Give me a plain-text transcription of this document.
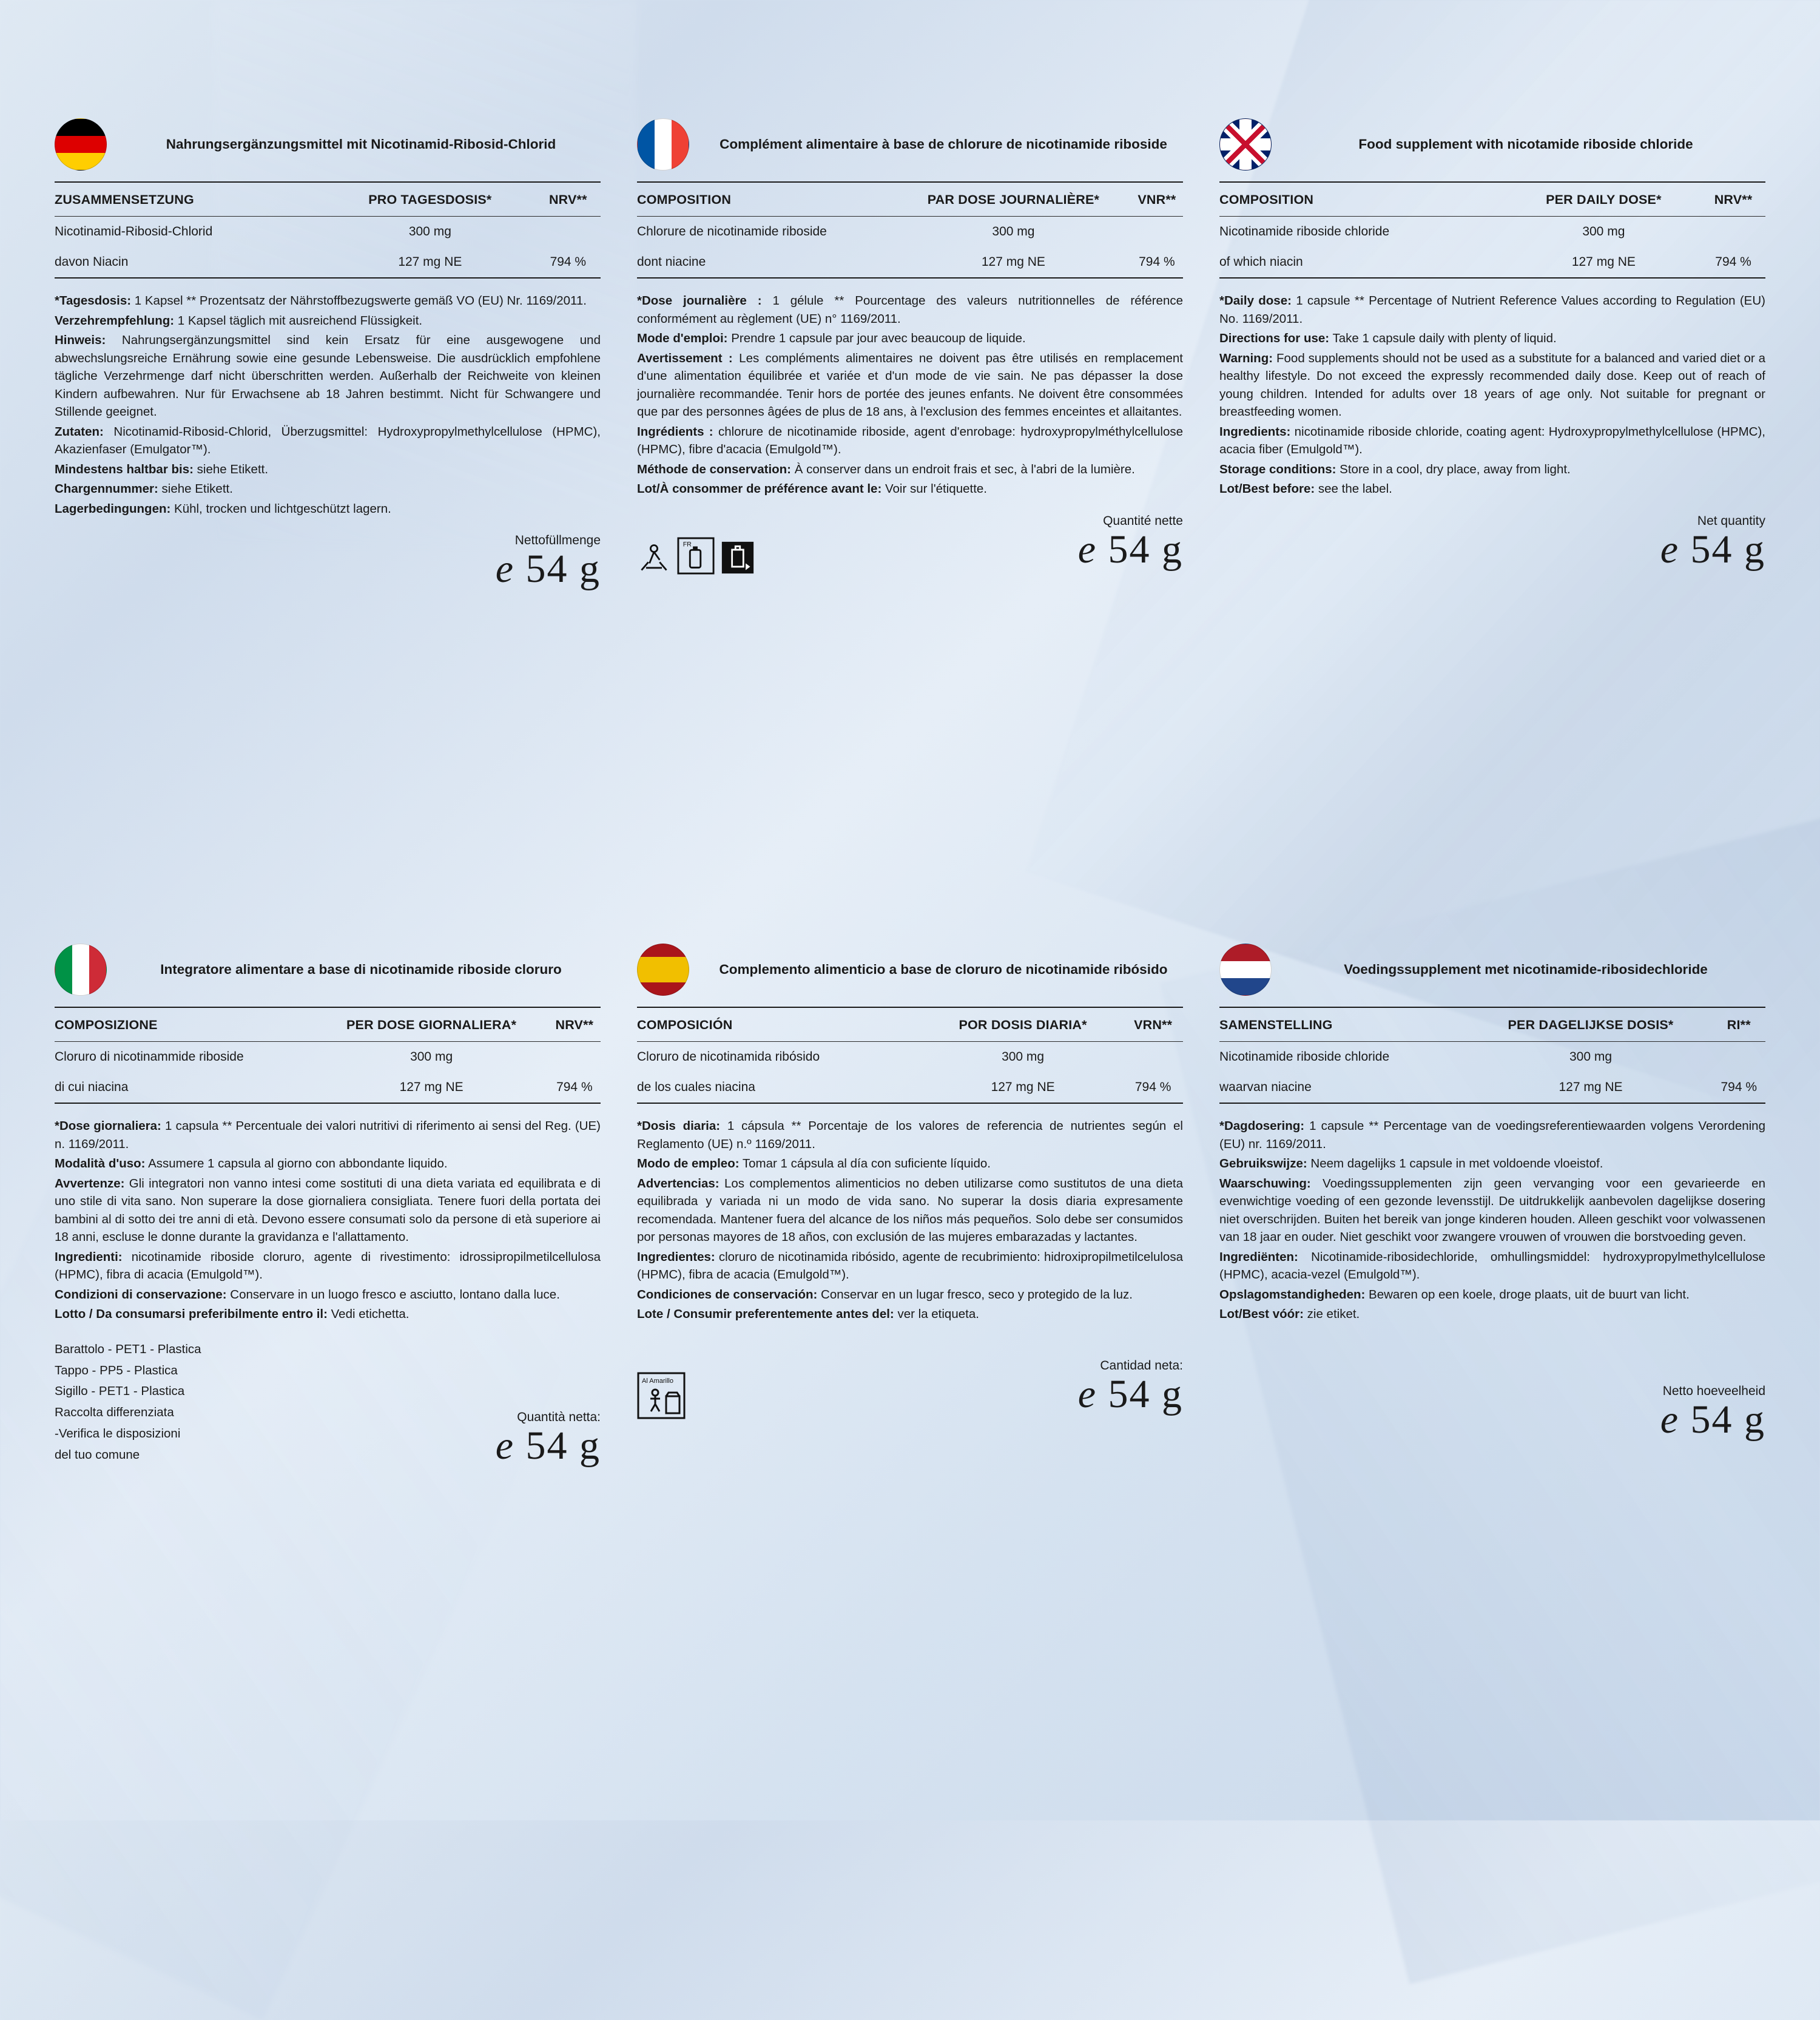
Nahrungsergänzungsmittel mit Nicotinamid-Ribosid-Chlorid
ZUSAMMENSETZUNG	PRO TAGESDOSIS*	NRV**
Nicotinamid-Ribosid-Chlorid	300 mg	
davon Niacin	127 mg NE	794 %

*Tagesdosis: 1 Kapsel ** Prozentsatz der Nährstoffbezugswerte gemäß VO (EU) Nr. 1169/2011.

Verzehrempfehlung: 1 Kapsel täglich mit ausreichend Flüssigkeit.

Hinweis: Nahrungsergänzungsmittel sind kein Ersatz für eine ausgewogene und abwechslungsreiche Ernährung sowie eine gesunde Lebensweise. Die ausdrücklich empfohlene tägliche Verzehrmenge darf nicht überschritten werden. Außerhalb der Reichweite von kleinen Kindern aufbewahren. Nur für Erwachsene ab 18 Jahren bestimmt. Nicht für Schwangere und Stillende geeignet.

Zutaten: Nicotinamid-Ribosid-Chlorid, Überzugsmittel: Hydroxypropylmethylcellulose (HPMC), Akazienfaser (Emulgator™).

Mindestens haltbar bis: siehe Etikett.

Chargennummer: siehe Etikett.

Lagerbedingungen: Kühl, trocken und lichtgeschützt lagern.

Nettofüllmenge
e 54 g
Complément alimentaire à base de chlorure de nicotinamide riboside
COMPOSITION	PAR DOSE JOURNALIÈRE*	VNR**
Chlorure de nicotinamide riboside	300 mg	
dont niacine	127 mg NE	794 %

*Dose journalière : 1 gélule ** Pourcentage des valeurs nutritionnelles de référence conformément au règlement (UE) n° 1169/2011.

Mode d'emploi: Prendre 1 capsule par jour avec beaucoup de liquide.

Avertissement : Les compléments alimentaires ne doivent pas être utilisés en remplacement d'une alimentation équilibrée et variée et d'un mode de vie sain. Ne pas dépasser la dose journalière recommandée. Tenir hors de portée des jeunes enfants. Ne doivent être consommées que par des personnes âgées de plus de 18 ans, à l'exclusion des femmes enceintes et allaitantes.

Ingrédients : chlorure de nicotinamide riboside, agent d'enrobage: hydroxypropylméthylcellulose (HPMC), fibre d'acacia (Emulgold™).

Méthode de conservation: À conserver dans un endroit frais et sec, à l'abri de la lumière.

Lot/À consommer de préférence avant le: Voir sur l'étiquette.

Quantité nette
e 54 g
FR
Food supplement with nicotamide riboside chloride
COMPOSITION	PER DAILY DOSE*	NRV**
Nicotinamide riboside chloride	300 mg	
of which niacin	127 mg NE	794 %

*Daily dose: 1 capsule ** Percentage of Nutrient Reference Values according to Regulation (EU) No. 1169/2011.

Directions for use: Take 1 capsule daily with plenty of liquid.

Warning: Food supplements should not be used as a substitute for a balanced and varied diet or a healthy lifestyle. Do not exceed the expressly recommended daily dose. Keep out of reach of young children. Intended for adults over 18 years of age only. Not suitable for pregnant or breastfeeding women.

Ingredients: nicotinamide riboside chloride, coating agent: Hydroxypropylmethylcellulose (HPMC), acacia fiber (Emulgold™).

Storage conditions: Store in a cool, dry place, away from light.

Lot/Best before: see the label.

Net quantity
e 54 g
Integratore alimentare a base di nicotinamide riboside cloruro
COMPOSIZIONE	PER DOSE GIORNALIERA*	NRV**
Cloruro di nicotinammide riboside	300 mg	
di cui niacina	127 mg NE	794 %

*Dose giornaliera: 1 capsula ** Percentuale dei valori nutritivi di riferimento ai sensi del Reg. (UE) n. 1169/2011.

Modalità d'uso: Assumere 1 capsula al giorno con abbondante liquido.

Avvertenze: Gli integratori non vanno intesi come sostituti di una dieta variata ed equilibrata e di uno stile di vita sano. Non superare la dose giornaliera consigliata. Tenere fuori della portata dei bambini al di sotto dei tre anni di età. Devono essere consumati solo da persone di età superiore ai 18 anni, escluse le donne durante la gravidanza e l'allattamento.

Ingredienti: nicotinamide riboside cloruro, agente di rivestimento: idrossipropilmetilcellulosa (HPMC), fibra di acacia (Emulgold™).

Condizioni di conservazione: Conservare in un luogo fresco e asciutto, lontano dalla luce.

Lotto / Da consumarsi preferibilmente entro il: Vedi etichetta.

Barattolo - PET1 - Plastica
Tappo - PP5 - Plastica
Sigillo - PET1 - Plastica
Raccolta differenziata
-Verifica le disposizioni
del tuo comune
Quantità netta:
e 54 g
Complemento alimenticio a base de cloruro de nicotinamide ribósido
COMPOSICIÓN	POR DOSIS DIARIA*	VRN**
Cloruro de nicotinamida ribósido	300 mg	
de los cuales niacina	127 mg NE	794 %

*Dosis diaria: 1 cápsula ** Porcentaje de los valores de referencia de nutrientes según el Reglamento (UE) n.º 1169/2011.

Modo de empleo: Tomar 1 cápsula al día con suficiente líquido.

Advertencias: Los complementos alimenticios no deben utilizarse como sustitutos de una dieta equilibrada y variada ni un modo de vida sano. No superar la dosis diaria expresamente recomendada. Mantener fuera del alcance de los niños más pequeños. Solo debe ser consumidos por personas mayores de 18 años, con exclusión de las mujeres embarazadas y lactantes.

Ingredientes: cloruro de nicotinamida ribósido, agente de recubrimiento: hidroxipropilmetilcelulosa (HPMC), fibra de acacia (Emulgold™).

Condiciones de conservación: Conservar en un lugar fresco, seco y protegido de la luz.

Lote / Consumir preferentemente antes del: ver la etiqueta.

Cantidad neta:
e 54 g
Al Amarillo
Voedingssupplement met nicotinamide-ribosidechloride
SAMENSTELLING	PER DAGELIJKSE DOSIS*	RI**
Nicotinamide riboside chloride	300 mg	
waarvan niacine	127 mg NE	794 %

*Dagdosering: 1 capsule ** Percentage van de voedingsreferentiewaarden volgens Verordening (EU) nr. 1169/2011.

Gebruikswijze: Neem dagelijks 1 capsule in met voldoende vloeistof.

Waarschuwing: Voedingssupplementen zijn geen vervanging voor een gevarieerde en evenwichtige voeding of een gezonde levensstijl. De uitdrukkelijk aanbevolen dagelijkse dosering niet overschrijden. Buiten het bereik van jonge kinderen houden. Alleen geschikt voor volwassenen van 18 jaar en ouder. Niet geschikt voor zwangere vrouwen of vrouwen die borstvoeding geven.

Ingrediënten: Nicotinamide-ribosidechloride, omhullingsmiddel: hydroxypropylmethylcellulose (HPMC), acacia-vezel (Emulgold™).

Opslagomstandigheden: Bewaren op een koele, droge plaats, uit de buurt van licht.

Lot/Best vóór: zie etiket.

Netto hoeveelheid
e 54 g
